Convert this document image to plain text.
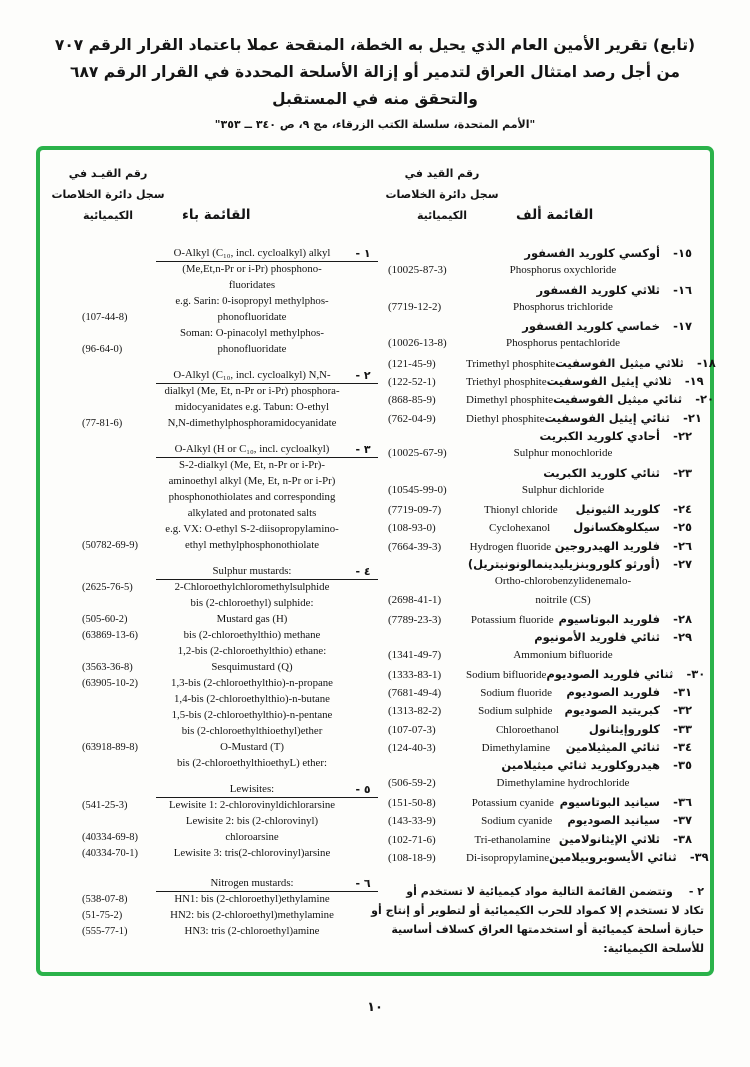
(تابع) تقرير الأمين العام الذي يحيل به الخطة، المنقحة عملا باعتماد القرار الرقم ٧٠٧
من أجل رصد امتثال العراق لتدمير أو إزالة الأسلحة المحددة في القرار الرقم ٦٨٧
والتحقق منه في المستقبل
"الأمم المتحدة، سلسلة الكتب الزرقاء، مج ٩، ص ٣٤٠ ــ ٣٥٣"
رقم القيـد في
سجل دائرة الخلاصات
الكيميائية	القائمة باء
O-Alkyl (C₁₀, incl. cycloalkyl) alkyl	١ -
(Me,Et,n-Pr or i-Pr) phosphono-
fluoridates
e.g. Sarin: 0-isopropyl methylphos-
(107-44-8)	phonofluoridate
Soman: O-pinacolyl methylphos-
(96-64-0)	phonofluoridate
O-Alkyl (C₁₀, incl. cycloalkyl) N,N-	٢ -
dialkyl (Me, Et, n-Pr or i-Pr) phosphora-
midocyanidates e.g. Tabun: O-ethyl
(77-81-6)	N,N-dimethylphosphoramidocyanidate
O-Alkyl (H or C₁₀, incl. cycloalkyl)	٣ -
S-2-dialkyl (Me, Et, n-Pr or i-Pr)-
aminoethyl alkyl (Me, Et, n-Pr or i-Pr)
phosphonothiolates and corresponding
alkylated and protonated salts
e.g. VX: O-ethyl S-2-diisopropylamino-
(50782-69-9)	ethyl methylphosphonothiolate
Sulphur mustards:	٤ -
(2625-76-5)	2-Chloroethylchloromethylsulphide
bis (2-chloroethyl) sulphide:
(505-60-2)	Mustard gas (H)
(63869-13-6)	bis (2-chloroethylthio) methane
1,2-bis (2-chloroethylthio) ethane:
(3563-36-8)	Sesquimustard (Q)
(63905-10-2)	1,3-bis (2-chloroethylthio)-n-propane
1,4-bis (2-chloroethylthio)-n-butane
1,5-bis (2-chloroethylthio)-n-pentane
bis (2-chloroethylthioethyl)ether
(63918-89-8)	O-Mustard (T)
bis (2-chloroethylthioethyL) ether:
Lewisites:	٥ -
(541-25-3)	Lewisite 1: 2-chlorovinyldichlorarsine
Lewisite 2: bis (2-chlorovinyl)
(40334-69-8)	chloroarsine
(40334-70-1)	Lewisite 3: tris(2-chlorovinyl)arsine
Nitrogen mustards:	٦ -
(538-07-8)	HN1: bis (2-chloroethyl)ethylamine
(51-75-2)	HN2: bis (2-chloroethyl)methylamine
(555-77-1)	HN3: tris (2-chloroethyl)amine
رقم القيد في
سجل دائرة الخلاصات
الكيميائية	القائمة ألف
أوكسي كلوريد الفسفور	١٥-
(10025-87-3)	Phosphorus oxychloride
ثلاثي كلوريد الفسفور	١٦-
(7719-12-2)	Phosphorus trichloride
خماسي كلوريد الفسفور	١٧-
(10026-13-8)	Phosphorus pentachloride
(121-45-9)	Trimethyl phosphite ثلاثي ميثيل الفوسفيت	١٨-
(122-52-1)	Triethyl phosphite ثلاثي إيثيل الفوسفيت	١٩-
(868-85-9)	Dimethyl phosphite ثنائي ميثيل الفوسفيت	٢٠-
(762-04-9)	Diethyl phosphite ثنائي إيثيل الفوسفيت	٢١-
أحادي كلوريد الكبريت	٢٢-
(10025-67-9)	Sulphur monochloride
ثنائي كلوريد الكبريت	٢٣-
(10545-99-0)	Sulphur dichloride
(7719-09-7)	Thionyl chloride	كلوريد الثيونيل	٢٤-
(108-93-0)	Cyclohexanol	سيكلوهكسانول	٢٥-
(7664-39-3)	Hydrogen fluoride فلوريد الهيدروجين	٢٦-
(أورثو كلوروبنزيليدينمالونونيتريل)	٢٧-
Ortho-chlorobenzylidenemalo-
(2698-41-1)	noitrile (CS)
(7789-23-3)	Potassium fluoride فلوريد البوتاسيوم	٢٨-
ثنائي فلوريد الأمونيوم	٢٩-
(1341-49-7)	Ammonium bifluoride
(1333-83-1)	Sodium bifluoride ثنائي فلوريد الصوديوم	٣٠-
(7681-49-4)	Sodium fluoride	فلوريد الصوديوم	٣١-
(1313-82-2)	Sodium sulphide	كبريتيد الصوديوم	٣٢-
(107-07-3)	Chloroethanol	كلوروإيثانول	٣٣-
(124-40-3)	Dimethylamine	ثنائي الميثيلامين	٣٤-
هيدروكلوريد ثنائي ميثيلامين	٣٥-
(506-59-2)	Dimethylamine hydrochloride
(151-50-8)	Potassium cyanide سيانيد البوتاسيوم	٣٦-
(143-33-9)	Sodium cyanide	سيانيد الصوديوم	٣٧-
(102-71-6)	Tri-ethanolamine ثلاثي الإيثانولامين	٣٨-
(108-18-9)	Di-isopropylamine ثنائي الأيسوبروبيلامين	٣٩-
٢ -وتتضمن القائمة التالية مواد كيميائية لا تستخدم أو
تكاد لا تستخدم إلا كمواد للحرب الكيميائية أو لتطوير أو إنتاج أو
حيازة أسلحة كيميائية أو استخدمتها العراق كسلاف أساسية
للأسلحة الكيميائية:
١٠
